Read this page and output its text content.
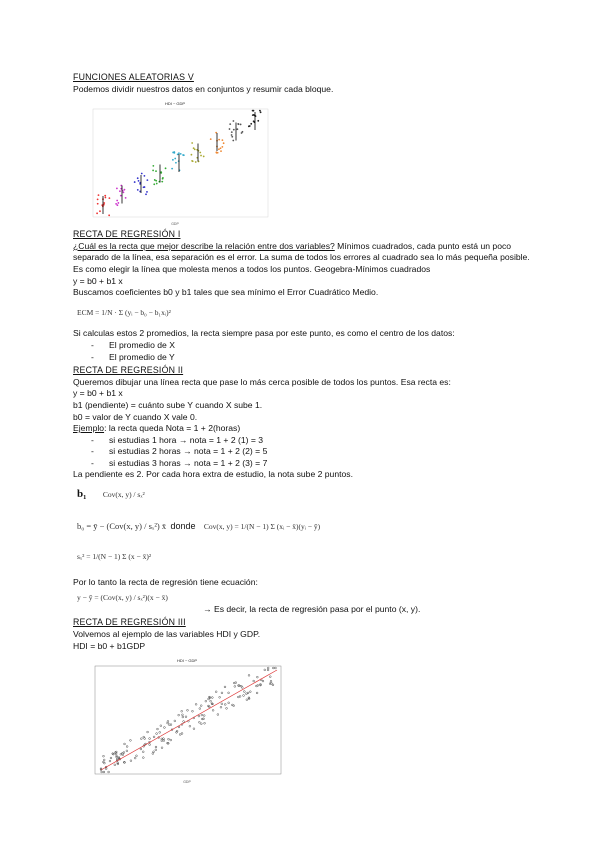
FUNCIONES ALEATORIAS V

Podemos dividir nuestros datos en conjuntos y resumir cada bloque.

HDI ~ GDP
GDP
RECTA DE REGRESIÓN I

¿Cuál es la recta que mejor describe la relación entre dos variables? Mínimos cuadrados, cada punto está un poco separado de la línea, esa separación es el error. La suma de todos los errores al cuadrado sea lo más pequeña posible. Es como elegir la línea que molesta menos a todos los puntos. Geogebra-Mínimos cuadrados

y = b0 + b1 x

Buscamos coeficientes b0 y b1 tales que sea mínimo el Error Cuadrático Medio.

ECM = 1/N · Σ (yᵢ − b₀ − b₁xᵢ)²

Si calculas estos 2 promedios, la recta siempre pasa por este punto, es como el centro de los datos:

- El promedio de X
- El promedio de Y
RECTA DE REGRESIÓN II

Queremos dibujar una línea recta que pase lo más cerca posible de todos los puntos. Esa recta es:

y = b0 + b1 x

b1 (pendiente) = cuánto sube Y cuando X sube 1.

b0 = valor de Y cuando X vale 0.

Ejemplo: la recta queda Nota = 1 + 2(horas)

- si estudias 1 hora → nota = 1 + 2 (1) = 3
- si estudias 2 horas → nota = 1 + 2 (2) = 5
- si estudias 3 horas → nota = 1 + 2 (3) = 7

La pendiente es 2. Por cada hora extra de estudio, la nota sube 2 puntos.

b₁ Cov(x, y) / sₓ²
b₀ = ȳ − (Cov(x, y) / sₓ²) x̄ donde Cov(x, y) = 1/(N − 1) Σ (xᵢ − x̄)(yᵢ − ȳ)
sₓ² = 1/(N − 1) Σ (x − x̄)²

Por lo tanto la recta de regresión tiene ecuación:

y − ȳ = (Cov(x, y) / sₓ²)(x − x̄)

→ Es decir, la recta de regresión pasa por el punto (x, y).

RECTA DE REGRESIÓN III

Volvemos al ejemplo de las variables HDI y GDP.

HDI = b0 + b1GDP

HDI ~ GDP
GDP
